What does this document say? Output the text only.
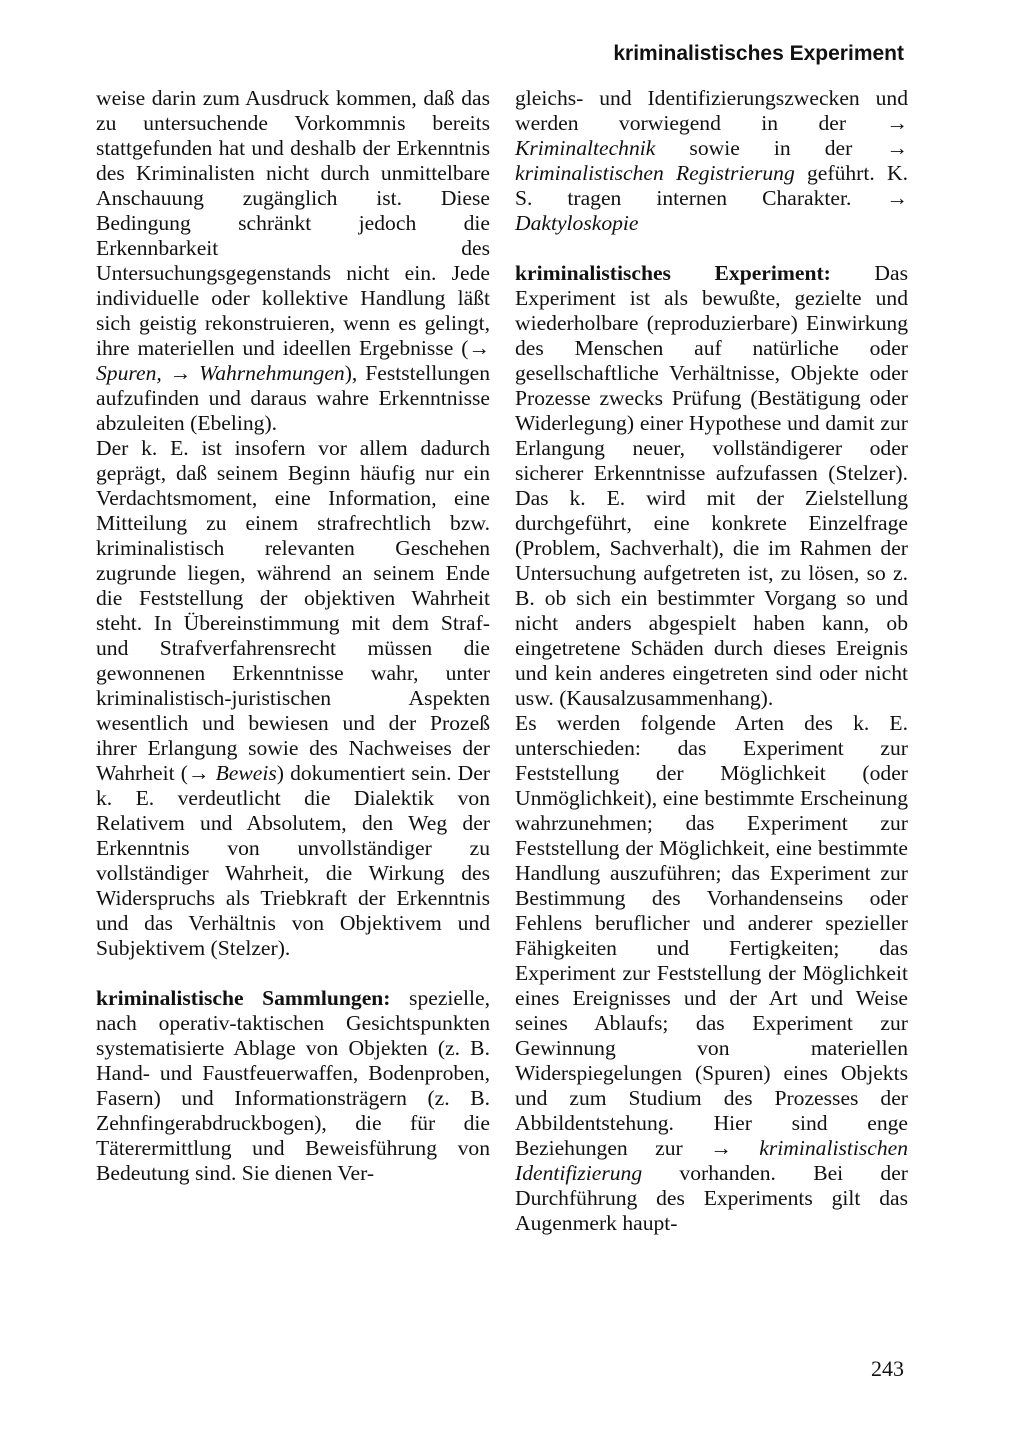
kriminalistisches Experiment

weise darin zum Ausdruck kommen, daß das zu untersuchende Vorkommnis bereits stattgefunden hat und deshalb der Erkenntnis des Kriminalisten nicht durch unmittelbare Anschauung zugänglich ist. Diese Bedingung schränkt jedoch die Erkennbarkeit des Untersuchungsgegenstands nicht ein. Jede individuelle oder kollektive Handlung läßt sich geistig rekonstruieren, wenn es gelingt, ihre materiellen und ideellen Ergebnisse (→ Spuren, → Wahrnehmungen), Feststellungen aufzufinden und daraus wahre Erkenntnisse abzuleiten (Ebeling).

Der k. E. ist insofern vor allem dadurch geprägt, daß seinem Beginn häufig nur ein Verdachtsmoment, eine Information, eine Mitteilung zu einem strafrechtlich bzw. kriminalistisch relevanten Geschehen zugrunde liegen, während an seinem Ende die Feststellung der objektiven Wahrheit steht. In Übereinstimmung mit dem Straf- und Strafverfahrensrecht müssen die gewonnenen Erkenntnisse wahr, unter kriminalistisch-juristischen Aspekten wesentlich und bewiesen und der Prozeß ihrer Erlangung sowie des Nachweises der Wahrheit (→ Beweis) dokumentiert sein. Der k. E. verdeutlicht die Dialektik von Relativem und Absolutem, den Weg der Erkenntnis von unvollständiger zu vollständiger Wahrheit, die Wirkung des Widerspruchs als Triebkraft der Erkenntnis und das Verhältnis von Objektivem und Subjektivem (Stelzer).

kriminalistische Sammlungen: spezielle, nach operativ-taktischen Gesichtspunkten systematisierte Ablage von Objekten (z. B. Hand- und Faustfeuerwaffen, Bodenproben, Fasern) und Informationsträgern (z. B. Zehnfingerabdruckbogen), die für die Täterermittlung und Beweisführung von Bedeutung sind. Sie dienen Ver-

gleichs- und Identifizierungszwecken und werden vorwiegend in der → Kriminaltechnik sowie in der → kriminalistischen Registrierung geführt. K. S. tragen internen Charakter. → Daktyloskopie

kriminalistisches Experiment: Das Experiment ist als bewußte, gezielte und wiederholbare (reproduzierbare) Einwirkung des Menschen auf natürliche oder gesellschaftliche Verhältnisse, Objekte oder Prozesse zwecks Prüfung (Bestätigung oder Widerlegung) einer Hypothese und damit zur Erlangung neuer, vollständigerer oder sicherer Erkenntnisse aufzufassen (Stelzer). Das k. E. wird mit der Zielstellung durchgeführt, eine konkrete Einzelfrage (Problem, Sachverhalt), die im Rahmen der Untersuchung aufgetreten ist, zu lösen, so z. B. ob sich ein bestimmter Vorgang so und nicht anders abgespielt haben kann, ob eingetretene Schäden durch dieses Ereignis und kein anderes eingetreten sind oder nicht usw. (Kausalzusammenhang).

Es werden folgende Arten des k. E. unterschieden: das Experiment zur Feststellung der Möglichkeit (oder Unmöglichkeit), eine bestimmte Erscheinung wahrzunehmen; das Experiment zur Feststellung der Möglichkeit, eine bestimmte Handlung auszuführen; das Experiment zur Bestimmung des Vorhandenseins oder Fehlens beruflicher und anderer spezieller Fähigkeiten und Fertigkeiten; das Experiment zur Feststellung der Möglichkeit eines Ereignisses und der Art und Weise seines Ablaufs; das Experiment zur Gewinnung von materiellen Widerspiegelungen (Spuren) eines Objekts und zum Studium des Prozesses der Abbildentstehung. Hier sind enge Beziehungen zur → kriminalistischen Identifizierung vorhanden. Bei der Durchführung des Experiments gilt das Augenmerk haupt-

243
